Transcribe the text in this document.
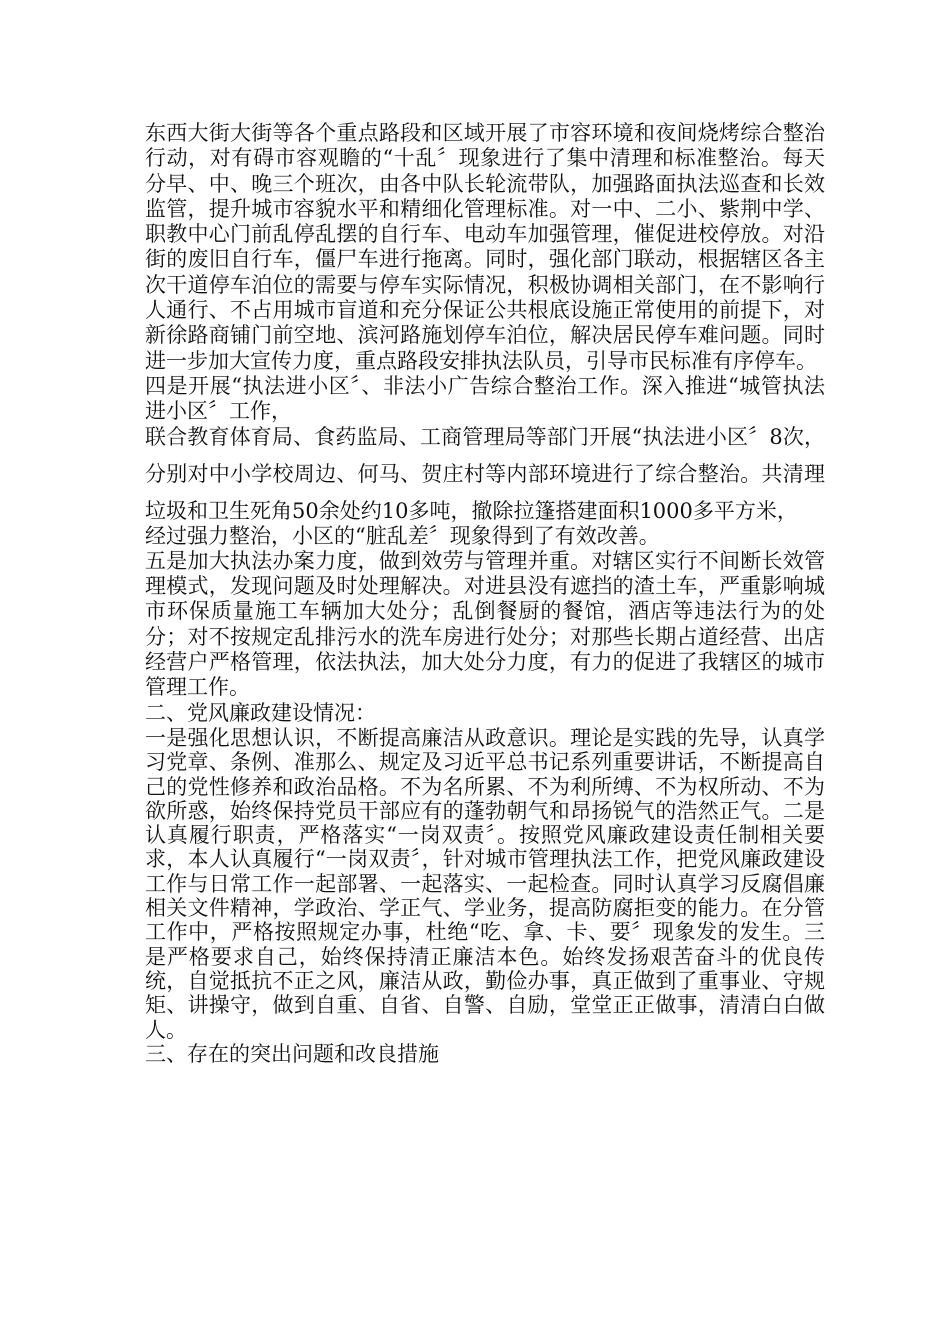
东西大街大街等各个重点路段和区域开展了市容环境和夜间烧烤综合整治行动，对有碍市容观瞻的“十乱〞现象进行了集中清理和标准整治。每天分早、中、晚三个班次，由各中队长轮流带队，加强路面执法巡查和长效监管，提升城市容貌水平和精细化管理标准。对一中、二小、紫荆中学、职教中心门前乱停乱摆的自行车、电动车加强管理，催促进校停放。对沿街的废旧自行车，僵尸车进行拖离。同时，强化部门联动，根据辖区各主次干道停车泊位的需要与停车实际情况，积极协调相关部门，在不影响行人通行、不占用城市盲道和充分保证公共根底设施正常使用的前提下，对新徐路商铺门前空地、滨河路施划停车泊位，解决居民停车难问题。同时进一步加大宣传力度，重点路段安排执法队员，引导市民标准有序停车。

四是开展“执法进小区〞、非法小广告综合整治工作。深入推进“城管执法进小区〞工作，

联合教育体育局、食药监局、工商管理局等部门开展“执法进小区〞8次，分别对中小学校周边、何马、贺庄村等内部环境进行了综合整治。共清理垃圾和卫生死角50余处约10多吨，撤除拉篷搭建面积1000多平方米，

经过强力整治，小区的“脏乱差〞现象得到了有效改善。

五是加大执法办案力度，做到效劳与管理并重。对辖区实行不间断长效管理模式，发现问题及时处理解决。对进县没有遮挡的渣土车，严重影响城市环保质量施工车辆加大处分；乱倒餐厨的餐馆，酒店等违法行为的处分；对不按规定乱排污水的洗车房进行处分；对那些长期占道经营、出店经营户严格管理，依法执法，加大处分力度，有力的促进了我辖区的城市管理工作。

二、党风廉政建设情况：

一是强化思想认识，不断提高廉洁从政意识。理论是实践的先导，认真学习党章、条例、准那么、规定及习近平总书记系列重要讲话，不断提高自己的党性修养和政治品格。不为名所累、不为利所缚、不为权所动、不为欲所惑，始终保持党员干部应有的蓬勃朝气和昂扬锐气的浩然正气。二是认真履行职责，严格落实“一岗双责〞。按照党风廉政建设责任制相关要求，本人认真履行“一岗双责〞，针对城市管理执法工作，把党风廉政建设工作与日常工作一起部署、一起落实、一起检查。同时认真学习反腐倡廉相关文件精神，学政治、学正气、学业务，提高防腐拒变的能力。在分管工作中，严格按照规定办事，杜绝“吃、拿、卡、要〞现象发的发生。三是严格要求自己，始终保持清正廉洁本色。始终发扬艰苦奋斗的优良传统，自觉抵抗不正之风，廉洁从政，勤俭办事，真正做到了重事业、守规矩、讲操守，做到自重、自省、自警、自励，堂堂正正做事，清清白白做人。

三、存在的突出问题和改良措施
